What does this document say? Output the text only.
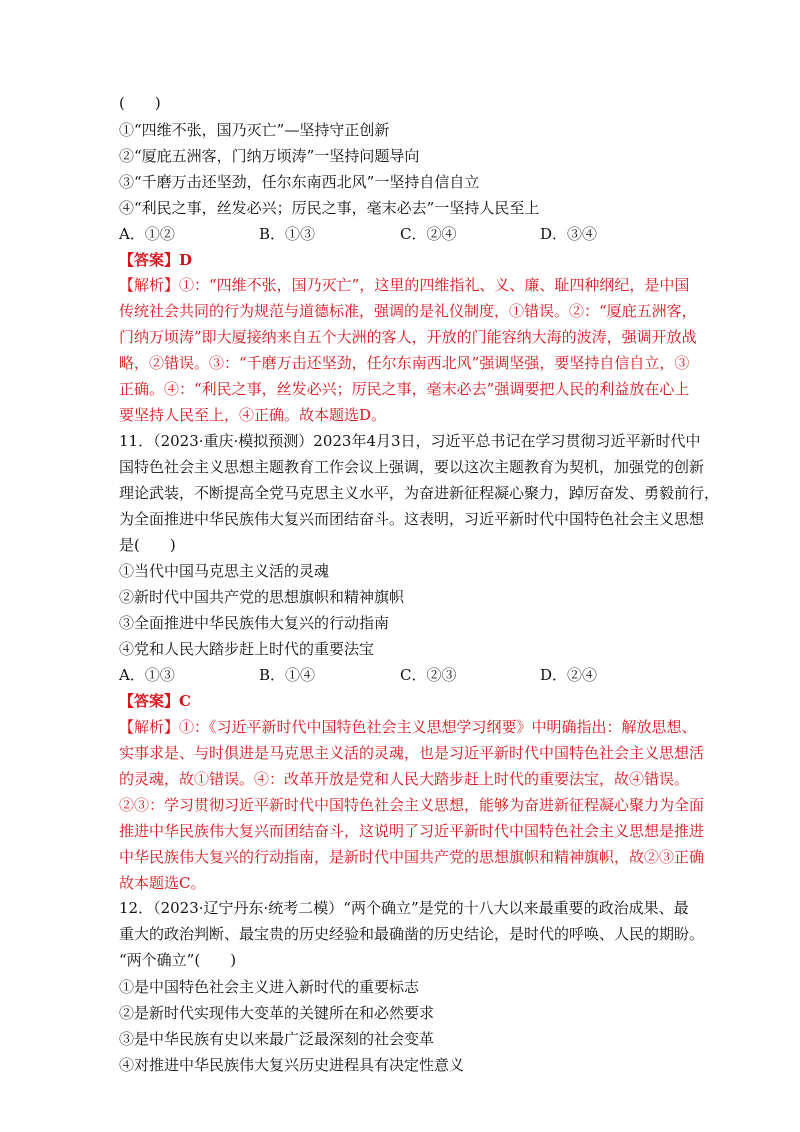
(　　)
①“四维不张，国乃灭亡”—坚持守正创新
②“厦庇五洲客，门纳万顷涛”一坚持问题导向
③“千磨万击还坚劲，任尔东南西北风”一坚持自信自立
④“利民之事，丝发必兴；厉民之事，毫末必去”一坚持人民至上
A．①②	B．①③	C．②④	D．③④
【答案】D
【解析】①：“四维不张，国乃灭亡”，这里的四维指礼、义、廉、耻四种纲纪，是中国
传统社会共同的行为规范与道德标准，强调的是礼仪制度，①错误。②：“厦庇五洲客，
门纳万顷涛”即大厦接纳来自五个大洲的客人，开放的门能容纳大海的波涛，强调开放战
略，②错误。③：“千磨万击还坚劲，任尔东南西北风”强调坚强，要坚持自信自立，③
正确。④：“利民之事，丝发必兴；厉民之事，毫末必去”强调要把人民的利益放在心上
要坚持人民至上，④正确。故本题选D。
11．（2023·重庆·模拟预测）2023年4月3日，习近平总书记在学习贯彻习近平新时代中
国特色社会主义思想主题教育工作会议上强调，要以这次主题教育为契机，加强党的创新
理论武装，不断提高全党马克思主义水平，为奋进新征程凝心聚力，踔厉奋发、勇毅前行，
为全面推进中华民族伟大复兴而团结奋斗。这表明，习近平新时代中国特色社会主义思想
是(　　)
①当代中国马克思主义活的灵魂
②新时代中国共产党的思想旗帜和精神旗帜
③全面推进中华民族伟大复兴的行动指南
④党和人民大踏步赶上时代的重要法宝
A．①③	B．①④	C．②③	D．②④
【答案】C
【解析】①：《习近平新时代中国特色社会主义思想学习纲要》中明确指出：解放思想、
实事求是、与时俱进是马克思主义活的灵魂，也是习近平新时代中国特色社会主义思想活
的灵魂，故①错误。④：改革开放是党和人民大踏步赶上时代的重要法宝，故④错误。
②③：学习贯彻习近平新时代中国特色社会主义思想，能够为奋进新征程凝心聚力为全面
推进中华民族伟大复兴而团结奋斗，这说明了习近平新时代中国特色社会主义思想是推进
中华民族伟大复兴的行动指南，是新时代中国共产党的思想旗帜和精神旗帜，故②③正确
故本题选C。
12．（2023·辽宁丹东·统考二模）“两个确立”是党的十八大以来最重要的政治成果、最
重大的政治判断、最宝贵的历史经验和最确凿的历史结论，是时代的呼唤、人民的期盼。
“两个确立”(　　)
①是中国特色社会主义进入新时代的重要标志
②是新时代实现伟大变革的关键所在和必然要求
③是中华民族有史以来最广泛最深刻的社会变革
④对推进中华民族伟大复兴历史进程具有决定性意义
